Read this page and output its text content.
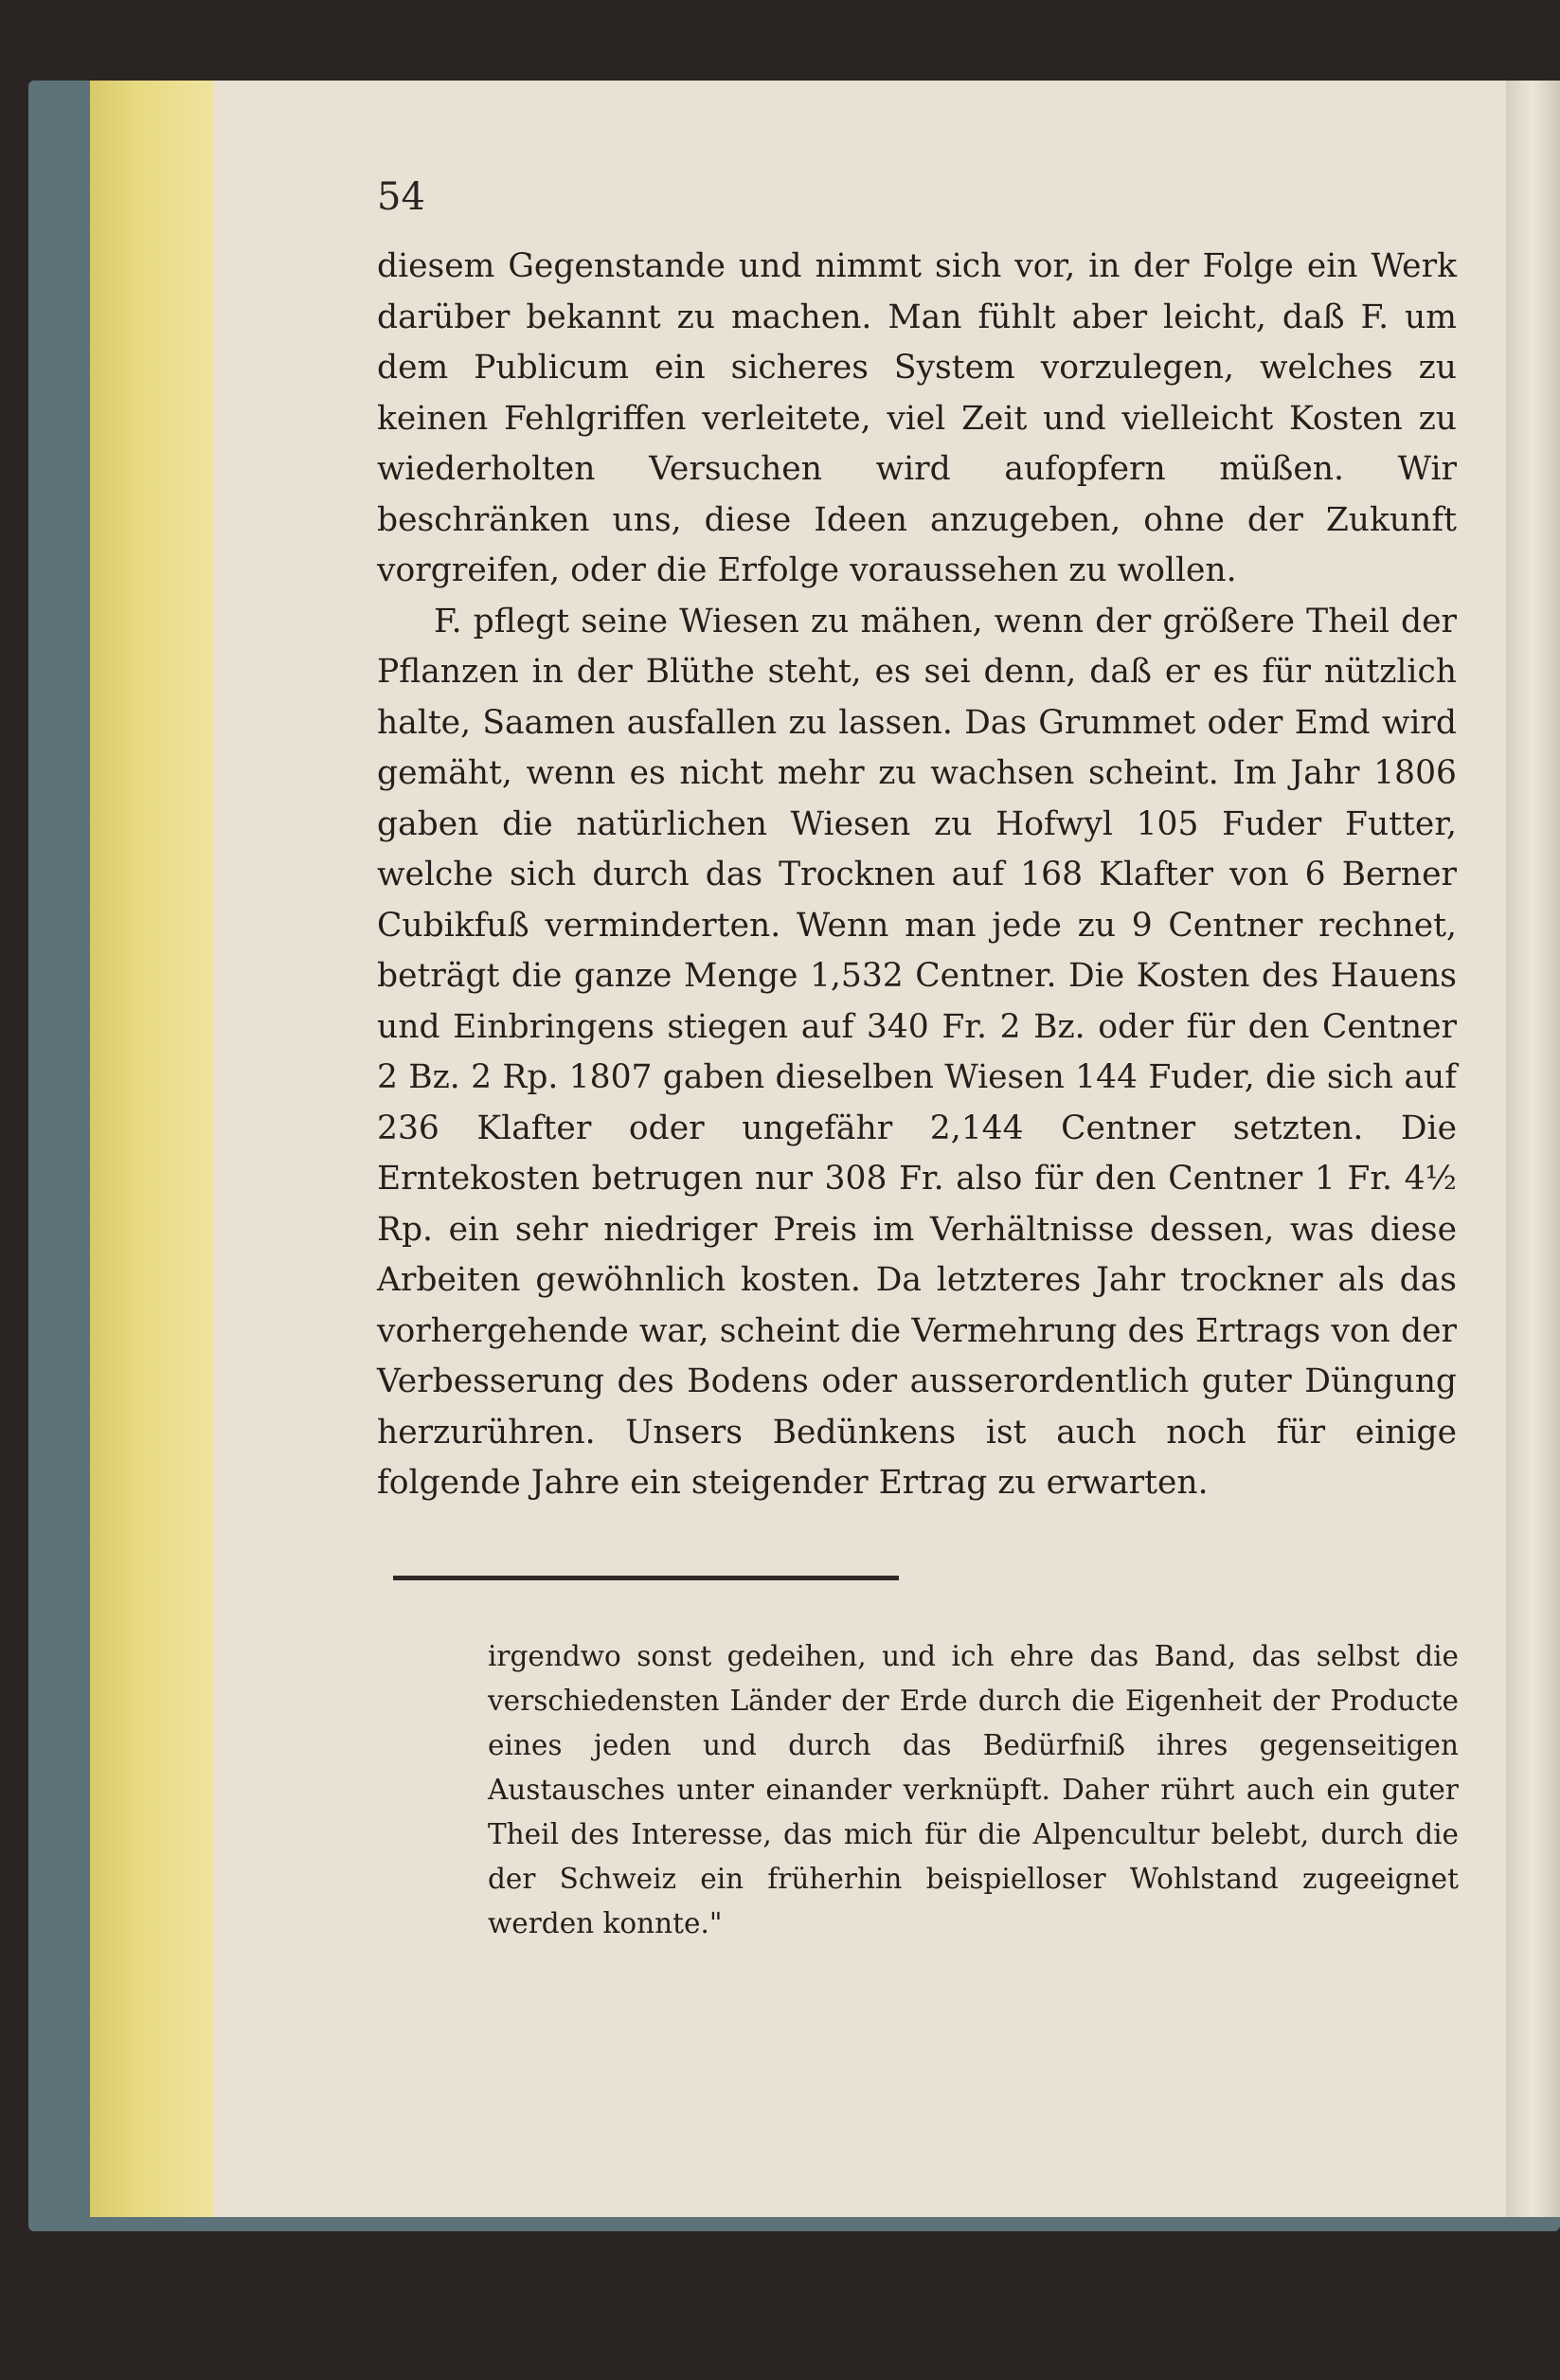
54

diesem Gegenstande und nimmt sich vor, in der Folge ein Werk darüber bekannt zu machen. Man fühlt aber leicht, daß F. um dem Publicum ein sicheres System vorzulegen, welches zu keinen Fehlgriffen verleitete, viel Zeit und vielleicht Kosten zu wiederholten Versuchen wird aufopfern müßen. Wir beschränken uns, diese Ideen anzugeben, ohne der Zukunft vorgreifen, oder die Erfolge voraussehen zu wollen.

F. pflegt seine Wiesen zu mähen, wenn der größere Theil der Pflanzen in der Blüthe steht, es sei denn, daß er es für nützlich halte, Saamen ausfallen zu lassen. Das Grummet oder Emd wird gemäht, wenn es nicht mehr zu wachsen scheint. Im Jahr 1806 gaben die natürlichen Wiesen zu Hofwyl 105 Fuder Futter, welche sich durch das Trocknen auf 168 Klafter von 6 Berner Cubikfuß verminderten. Wenn man jede zu 9 Centner rechnet, beträgt die ganze Menge 1,532 Centner. Die Kosten des Hauens und Einbringens stiegen auf 340 Fr. 2 Bz. oder für den Centner 2 Bz. 2 Rp. 1807 gaben dieselben Wiesen 144 Fuder, die sich auf 236 Klafter oder ungefähr 2,144 Centner setzten. Die Erntekosten betrugen nur 308 Fr. also für den Centner 1 Fr. 4½ Rp. ein sehr niedriger Preis im Verhältnisse dessen, was diese Arbeiten gewöhnlich kosten. Da letzteres Jahr trockner als das vorhergehende war, scheint die Vermehrung des Ertrags von der Verbesserung des Bodens oder ausserordentlich guter Düngung herzurühren. Unsers Bedünkens ist auch noch für einige folgende Jahre ein steigender Ertrag zu erwarten.

irgendwo sonst gedeihen, und ich ehre das Band, das selbst die verschiedensten Länder der Erde durch die Eigenheit der Producte eines jeden und durch das Bedürfniß ihres gegenseitigen Austausches unter einander verknüpft. Daher rührt auch ein guter Theil des Interesse, das mich für die Alpencultur belebt, durch die der Schweiz ein früherhin beispielloser Wohlstand zugeeignet werden konnte."
